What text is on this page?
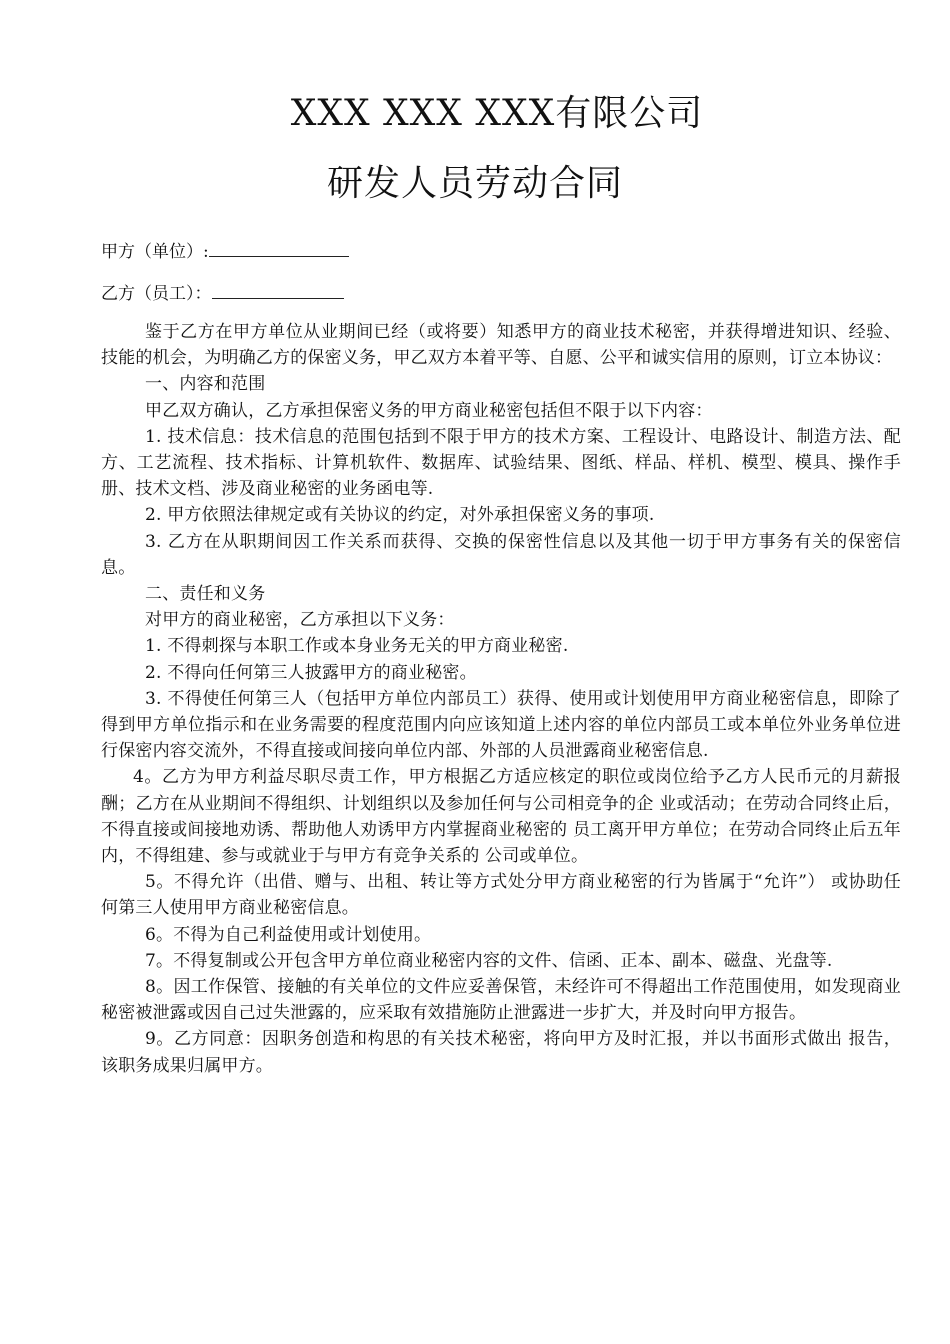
XXX XXX XXX有限公司
研发人员劳动合同
甲方（单位）:
乙方（员工）：

鉴于乙方在甲方单位从业期间已经（或将要）知悉甲方的商业技术秘密，并获得增进知识、经验、技能的机会，为明确乙方的保密义务，甲乙双方本着平等、自愿、公平和诚实信用的原则，订立本协议：

一、内容和范围

甲乙双方确认，乙方承担保密义务的甲方商业秘密包括但不限于以下内容：

1. 技术信息：技术信息的范围包括到不限于甲方的技术方案、工程设计、电路设计、制造方法、配方、工艺流程、技术指标、计算机软件、数据库、试验结果、图纸、样品、样机、模型、模具、操作手册、技术文档、涉及商业秘密的业务函电等.

2. 甲方依照法律规定或有关协议的约定，对外承担保密义务的事项.

3. 乙方在从职期间因工作关系而获得、交换的保密性信息以及其他一切于甲方事务有关的保密信息。

二、责任和义务

对甲方的商业秘密，乙方承担以下义务：

1. 不得刺探与本职工作或本身业务无关的甲方商业秘密.

2. 不得向任何第三人披露甲方的商业秘密。

3. 不得使任何第三人（包括甲方单位内部员工）获得、使用或计划使用甲方商业秘密信息，即除了得到甲方单位指示和在业务需要的程度范围内向应该知道上述内容的单位内部员工或本单位外业务单位进行保密内容交流外，不得直接或间接向单位内部、外部的人员泄露商业秘密信息.

4。乙方为甲方利益尽职尽责工作，甲方根据乙方适应核定的职位或岗位给予乙方人民币元的月薪报酬；乙方在从业期间不得组织、计划组织以及参加任何与公司相竞争的企 业或活动；在劳动合同终止后，不得直接或间接地劝诱、帮助他人劝诱甲方内掌握商业秘密的 员工离开甲方单位；在劳动合同终止后五年内，不得组建、参与或就业于与甲方有竞争关系的 公司或单位。

5。不得允许（出借、赠与、出租、转让等方式处分甲方商业秘密的行为皆属于“允许”） 或协助任何第三人使用甲方商业秘密信息。

6。不得为自己利益使用或计划使用。

7。不得复制或公开包含甲方单位商业秘密内容的文件、信函、正本、副本、磁盘、光盘等.

8。因工作保管、接触的有关单位的文件应妥善保管，未经许可不得超出工作范围使用，如发现商业秘密被泄露或因自己过失泄露的，应采取有效措施防止泄露进一步扩大，并及时向甲方报告。

9。乙方同意：因职务创造和构思的有关技术秘密，将向甲方及时汇报，并以书面形式做出 报告，该职务成果归属甲方。
